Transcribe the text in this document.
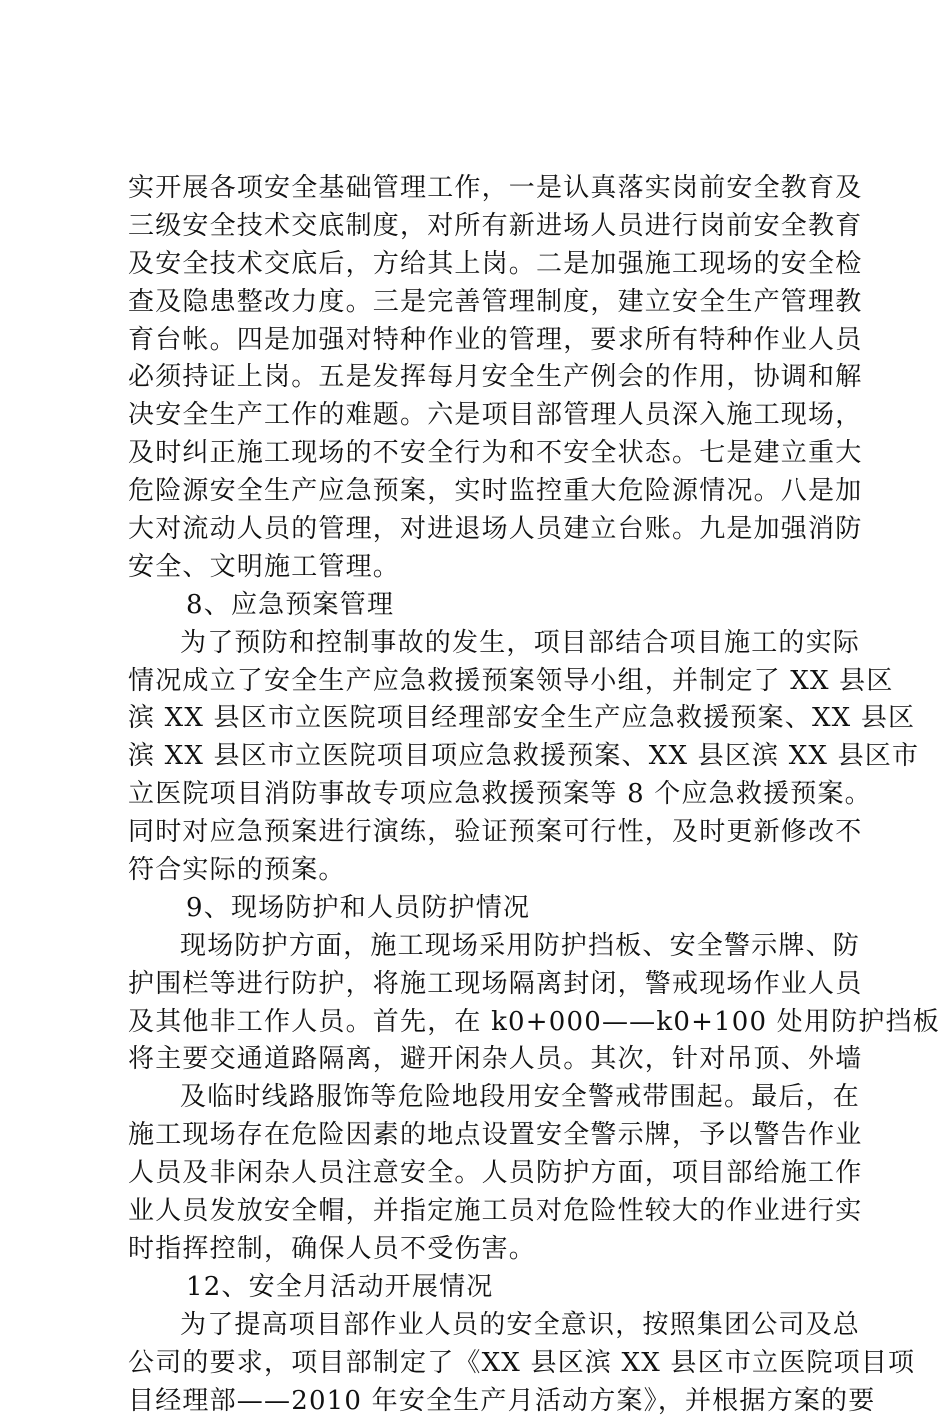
实开展各项安全基础管理工作，一是认真落实岗前安全教育及
三级安全技术交底制度，对所有新进场人员进行岗前安全教育
及安全技术交底后，方给其上岗。二是加强施工现场的安全检
查及隐患整改力度。三是完善管理制度，建立安全生产管理教
育台帐。四是加强对特种作业的管理，要求所有特种作业人员
必须持证上岗。五是发挥每月安全生产例会的作用，协调和解
决安全生产工作的难题。六是项目部管理人员深入施工现场，
及时纠正施工现场的不安全行为和不安全状态。七是建立重大
危险源安全生产应急预案，实时监控重大危险源情况。八是加
大对流动人员的管理，对进退场人员建立台账。九是加强消防
安全、文明施工管理。
8、应急预案管理
为了预防和控制事故的发生，项目部结合项目施工的实际
情况成立了安全生产应急救援预案领导小组，并制定了 XX 县区
滨 XX 县区市立医院项目经理部安全生产应急救援预案、XX 县区
滨 XX 县区市立医院项目项应急救援预案、XX 县区滨 XX 县区市
立医院项目消防事故专项应急救援预案等 8 个应急救援预案。
同时对应急预案进行演练，验证预案可行性，及时更新修改不
符合实际的预案。
9、现场防护和人员防护情况
现场防护方面，施工现场采用防护挡板、安全警示牌、防
护围栏等进行防护，将施工现场隔离封闭，警戒现场作业人员
及其他非工作人员。首先，在 k0+000——k0+100 处用防护挡板
将主要交通道路隔离，避开闲杂人员。其次，针对吊顶、外墙
及临时线路服饰等危险地段用安全警戒带围起。最后，在
施工现场存在危险因素的地点设置安全警示牌，予以警告作业
人员及非闲杂人员注意安全。人员防护方面，项目部给施工作
业人员发放安全帽，并指定施工员对危险性较大的作业进行实
时指挥控制，确保人员不受伤害。
12、安全月活动开展情况
为了提高项目部作业人员的安全意识，按照集团公司及总
公司的要求，项目部制定了《XX 县区滨 XX 县区市立医院项目项
目经理部——2010 年安全生产月活动方案》，并根据方案的要
